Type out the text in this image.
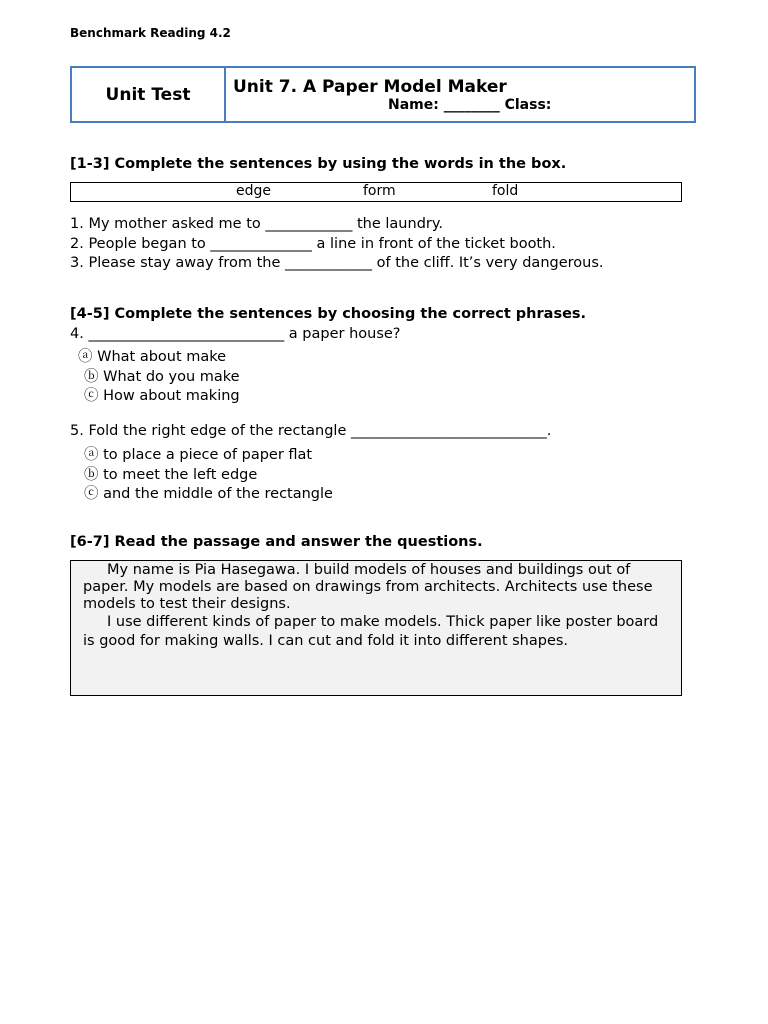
Benchmark Reading 4.2
Unit Test	Unit 7. A Paper Model Maker
Name: ________ Class:
[1-3] Complete the sentences by using the words in the box.
edge	form	fold
1. My mother asked me to ____________ the laundry.
2. People began to ______________ a line in front of the ticket booth.
3. Please stay away from the ____________ of the cliff. It’s very dangerous.
[4-5] Complete the sentences by choosing the correct phrases.
4. ___________________________ a paper house?
ⓐ What about make
ⓑ What do you make
ⓒ How about making
5. Fold the right edge of the rectangle ___________________________.
ⓐ to place a piece of paper flat
ⓑ to meet the left edge
ⓒ and the middle of the rectangle
[6-7] Read the passage and answer the questions.

My name is Pia Hasegawa. I build models of houses and buildings out of paper. My models are based on drawings from architects. Architects use these models to test their designs.

I use different kinds of paper to make models. Thick paper like poster board is good for making walls. I can cut and fold it into different shapes.
